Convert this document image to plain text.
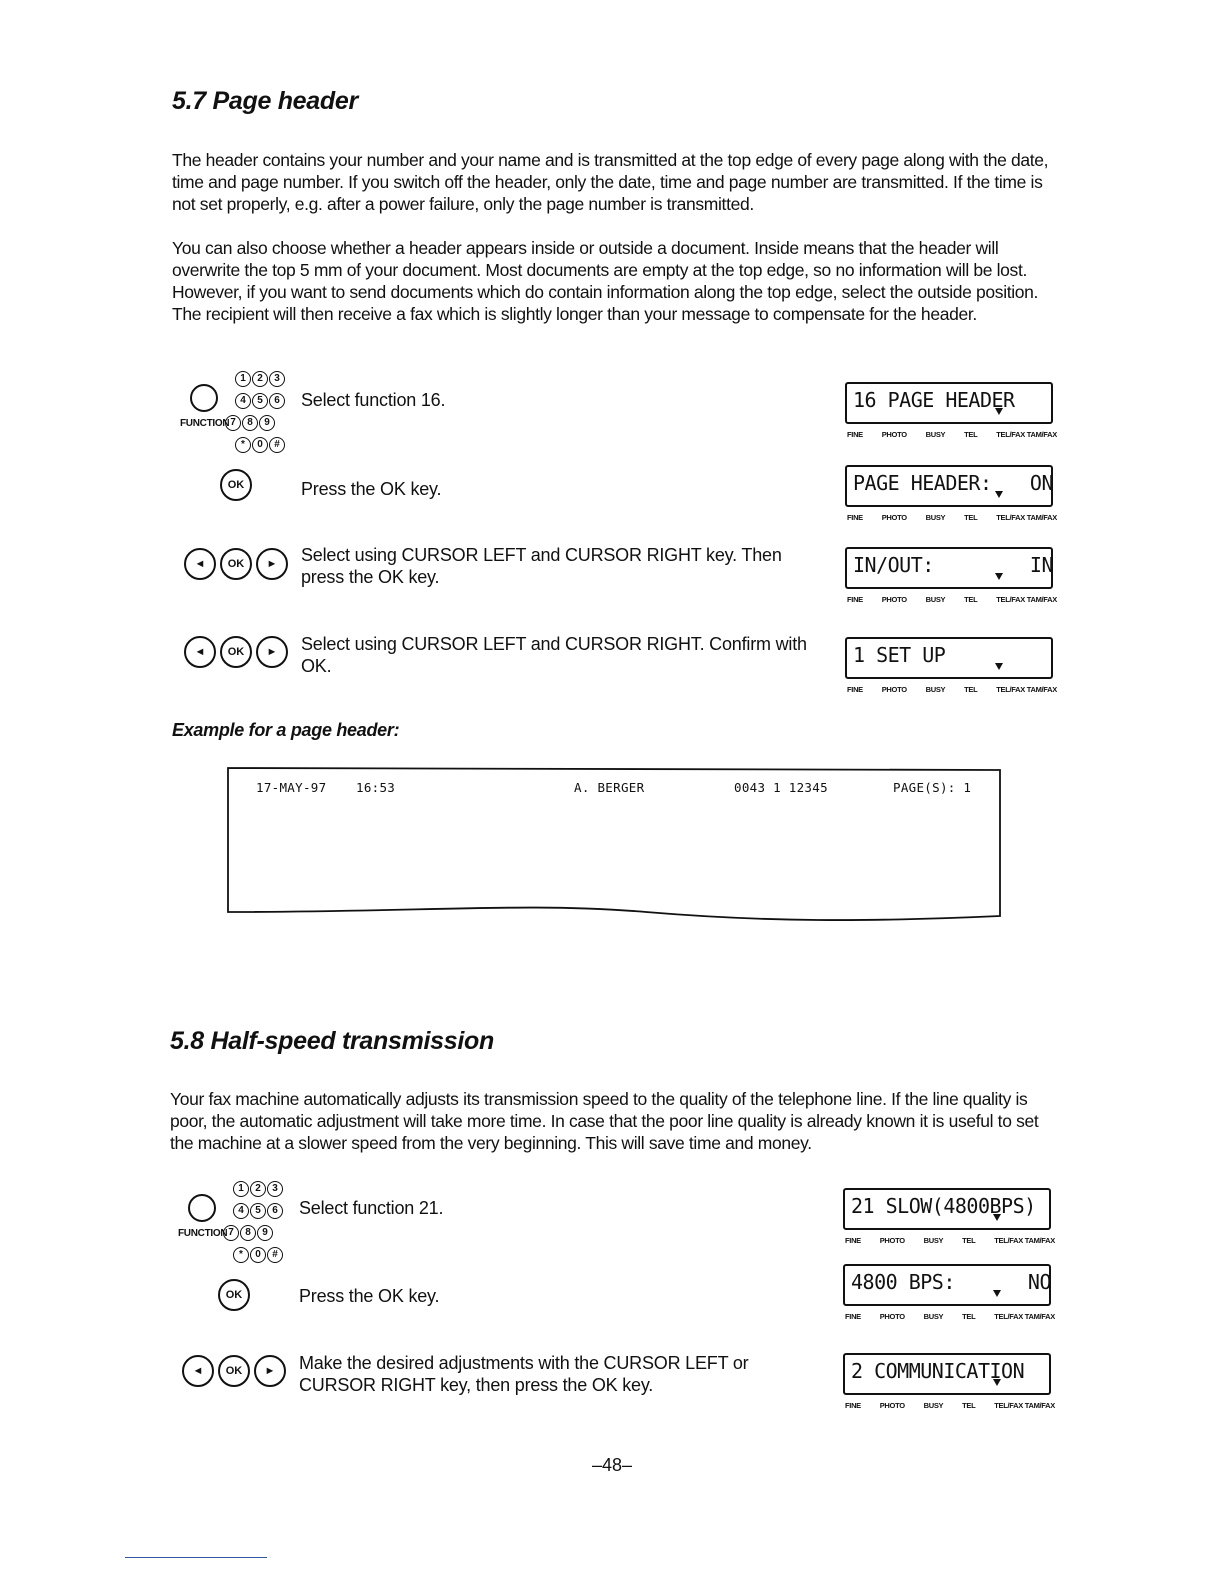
5.7 Page header

The header contains your number and your name and is transmitted at the top edge of every page along with the date, time and page number. If you switch off the header, only the date, time and page number are transmitted. If the time is not set properly, e.g. after a power failure, only the page number is transmitted.

You can also choose whether a header appears inside or outside a document. Inside means that the header will overwrite the top 5 mm of your document. Most documents are empty at the top edge, so no information will be lost. However, if you want to send documents which do contain information along the top edge, select the outside position. The recipient will then receive a fax which is slightly longer than your message to compensate for the header.

FUNCTION
1 2 3
4 5 6
7 8 9
* 0 #
Select function 16.	16 PAGE HEADER
FINE	PHOTO	BUSY	TEL	TEL/FAX TAM/FAX
OK	Press the OK key.	PAGE HEADER: ON
FINE	PHOTO	BUSY	TEL	TEL/FAX TAM/FAX
◄	OK	►	Select using CURSOR LEFT and CURSOR RIGHT key. Then press the OK key.	IN/OUT:	IN
FINE	PHOTO	BUSY	TEL	TEL/FAX TAM/FAX
◄	OK	►	Select using CURSOR LEFT and CURSOR RIGHT. Confirm with OK.	1 SET UP
FINE	PHOTO	BUSY	TEL	TEL/FAX TAM/FAX
Example for a page header:
17-MAY-97 16:53	A. BERGER	0043 1 12345	PAGE(S): 1
5.8 Half-speed transmission

Your fax machine automatically adjusts its transmission speed to the quality of the telephone line. If the line quality is poor, the automatic adjustment will take more time. In case that the poor line quality is already known it is useful to set the machine at a slower speed from the very beginning. This will save time and money.

FUNCTION
1 2 3
4 5 6
7 8 9
* 0 #
Select function 21.	21 SLOW(4800BPS)
FINE	PHOTO	BUSY	TEL	TEL/FAX TAM/FAX
OK	Press the OK key.
4800 BPS:	NO
FINE	PHOTO	BUSY	TEL	TEL/FAX TAM/FAX
◄	OK	►	Make the desired adjustments with the CURSOR LEFT or CURSOR RIGHT key, then press the OK key.
2 COMMUNICATION
FINE	PHOTO	BUSY	TEL	TEL/FAX TAM/FAX
–48–
